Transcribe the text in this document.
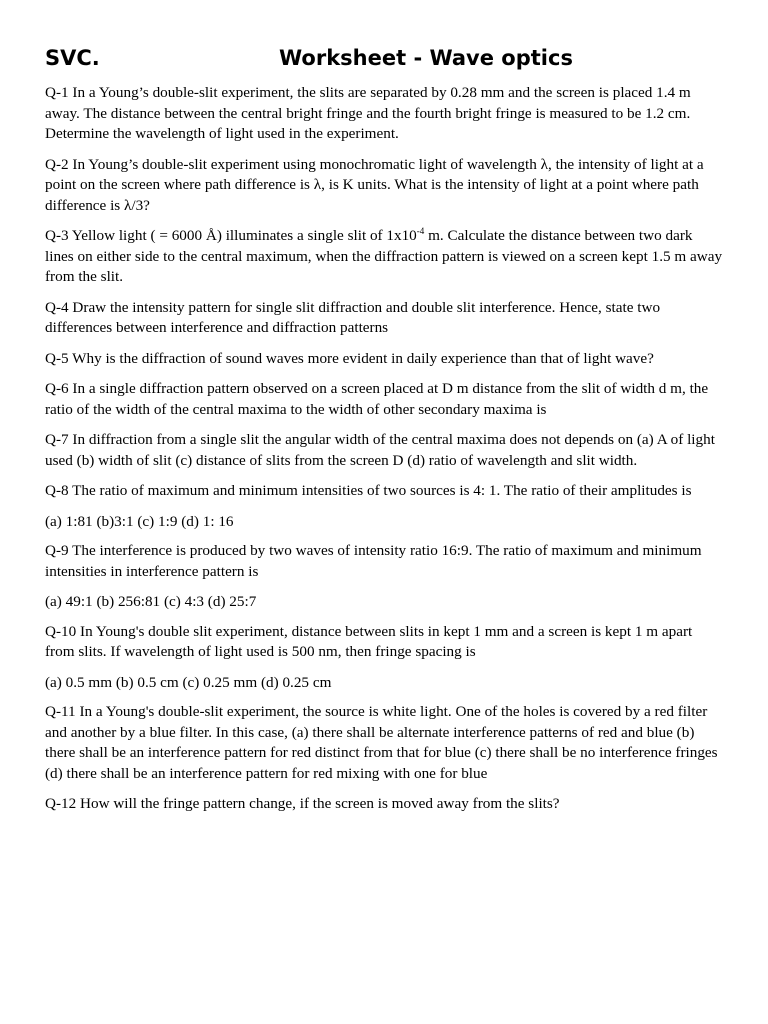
SVC.	Worksheet - Wave optics

Q-1 In a Young’s double-slit experiment, the slits are separated by 0.28 mm and the screen is placed 1.4 m away. The distance between the central bright fringe and the fourth bright fringe is measured to be 1.2 cm. Determine the wavelength of light used in the experiment.

Q-2 In Young’s double-slit experiment using monochromatic light of wavelength λ, the intensity of light at a point on the screen where path difference is λ, is K units. What is the intensity of light at a point where path difference is λ/3?

Q-3 Yellow light ( = 6000 Å) illuminates a single slit of $1x10^{-4}$ m. Calculate the distance between two dark lines on either side to the central maximum, when the diffraction pattern is viewed on a screen kept 1.5 m away from the slit.

Q-4 Draw the intensity pattern for single slit diffraction and double slit interference. Hence, state two differences between interference and diffraction patterns

Q-5 Why is the diffraction of sound waves more evident in daily experience than that of light wave?

Q-6 In a single diffraction pattern observed on a screen placed at D m distance from the slit of width d m, the ratio of the width of the central maxima to the width of other secondary maxima is

Q-7 In diffraction from a single slit the angular width of the central maxima does not depends on (a) A of light used (b) width of slit (c) distance of slits from the screen D (d) ratio of wavelength and slit width.

Q-8 The ratio of maximum and minimum intensities of two sources is 4: 1. The ratio of their amplitudes is

(a) 1:81 (b)3:1 (c) 1:9 (d) 1: 16

Q-9 The interference is produced by two waves of intensity ratio 16:9. The ratio of maximum and minimum intensities in interference pattern is

(a) 49:1 (b) 256:81 (c) 4:3 (d) 25:7

Q-10 In Young's double slit experiment, distance between slits in kept 1 mm and a screen is kept 1 m apart from slits. If wavelength of light used is 500 nm, then fringe spacing is

(a) 0.5 mm (b) 0.5 cm (c) 0.25 mm (d) 0.25 cm

Q-11 In a Young's double-slit experiment, the source is white light. One of the holes is covered by a red filter and another by a blue filter. In this case, (a) there shall be alternate interference patterns of red and blue (b) there shall be an interference pattern for red distinct from that for blue (c) there shall be no interference fringes (d) there shall be an interference pattern for red mixing with one for blue

Q-12 How will the fringe pattern change, if the screen is moved away from the slits?
